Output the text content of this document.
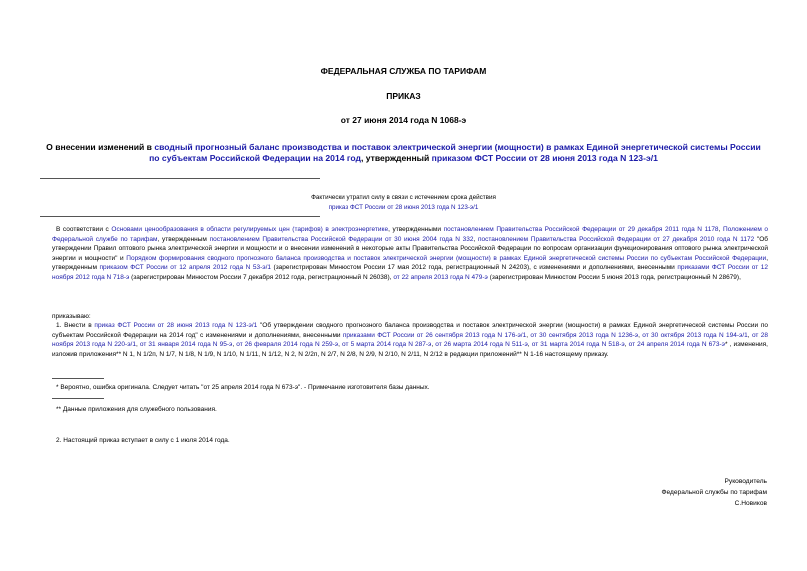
ФЕДЕРАЛЬНАЯ СЛУЖБА ПО ТАРИФАМ
ПРИКАЗ
от 27 июня 2014 года N 1068-э
О внесении изменений в сводный прогнозный баланс производства и поставок электрической энергии (мощности) в рамках Единой энергетической системы России по субъектам Российской Федерации на 2014 год, утвержденный приказом ФСТ России от 28 июня 2013 года N 123-э/1
Фактически утратил силу в связи с истечением срока действия
приказ ФСТ России от 28 июня 2013 года N 123-э/1
В соответствии с Основами ценообразования в области регулируемых цен (тарифов) в электроэнергетике, утвержденными постановлением Правительства Российской Федерации от 29 декабря 2011 года N 1178, Положением о Федеральной службе по тарифам, утвержденным постановлением Правительства Российской Федерации от 30 июня 2004 года N 332, постановлением Правительства Российской Федерации от 27 декабря 2010 года N 1172 "Об утверждении Правил оптового рынка электрической энергии и мощности и о внесении изменений в некоторые акты Правительства Российской Федерации по вопросам организации функционирования оптового рынка электрической энергии и мощности" и Порядком формирования сводного прогнозного баланса производства и поставок электрической энергии (мощности) в рамках Единой энергетической системы России по субъектам Российской Федерации, утвержденным приказом ФСТ России от 12 апреля 2012 года N 53-э/1 (зарегистрирован Минюстом России 17 мая 2012 года, регистрационный N 24203), с изменениями и дополнениями, внесенными приказами ФСТ России от 12 ноября 2012 года N 718-э (зарегистрирован Минюстом России 7 декабря 2012 года, регистрационный N 26038), от 22 апреля 2013 года N 479-э (зарегистрирован Минюстом России 5 июня 2013 года, регистрационный N 28679),
приказываю:
1. Внести в приказ ФСТ России от 28 июня 2013 года N 123-э/1 "Об утверждении сводного прогнозного баланса производства и поставок электрической энергии (мощности) в рамках Единой энергетической системы России по субъектам Российской Федерации на 2014 год" с изменениями и дополнениями, внесенными приказами ФСТ России от 26 сентября 2013 года N 176-э/1, от 30 сентября 2013 года N 1236-э, от 30 октября 2013 года N 194-э/1, от 28 ноября 2013 года N 220-э/1, от 31 января 2014 года N 95-э, от 26 февраля 2014 года N 259-э, от 5 марта 2014 года N 287-э, от 26 марта 2014 года N 511-э, от 31 марта 2014 года N 518-э, от 24 апреля 2014 года N 673-э* , изменения, изложив приложения** N 1, N 1/2п, N 1/7, N 1/8, N 1/9, N 1/10, N 1/11, N 1/12, N 2, N 2/2п, N 2/7, N 2/8, N 2/9, N 2/10, N 2/11, N 2/12 в редакции приложений** N 1-16 настоящему приказу.
* Вероятно, ошибка оригинала. Следует читать "от 25 апреля 2014 года N 673-э". - Примечание изготовителя базы данных.
** Данные приложения для служебного пользования.
2. Настоящий приказ вступает в силу с 1 июля 2014 года.
Руководитель
Федеральной службы по тарифам
С.Новиков
